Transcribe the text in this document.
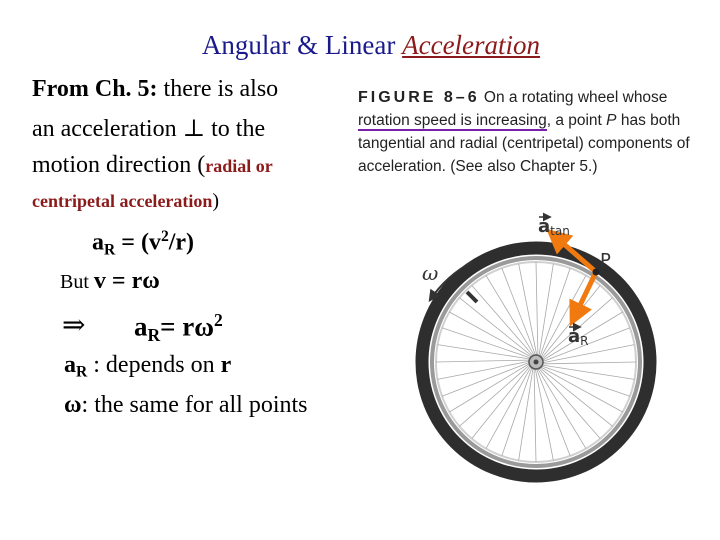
Angular & Linear Acceleration
From Ch. 5: there is also
an acceleration ⊥ to the
motion direction (radial or
centripetal acceleration)
$a_R = (v^2/r)$
But v = rω
⇒ $a_R= r\omega^2$
$a_R$ : depends on r
ω: the same for all points
FIGURE 8–6 On a rotating wheel whose rotation speed is increasing, a point P has both tangential and radial (centripetal) components of acceleration. (See also Chapter 5.)
ω
P
atan
aR
